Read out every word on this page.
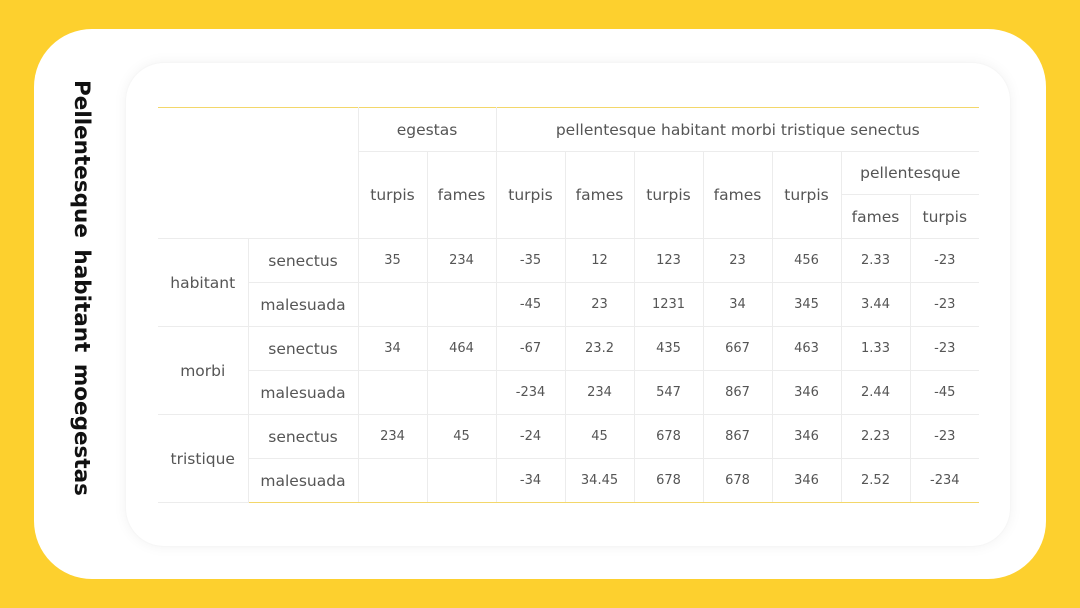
Pellentesque habitant moegestas
		egestas		pellentesque habitant morbi tristique senectus						
		turpis	fames	turpis	fames	turpis	fames	turpis	pellentesque	
									fames	turpis
habitant	senectus	35	234	-35	12	123	23	456	2.33	-23
	malesuada			-45	23	1231	34	345	3.44	-23
morbi	senectus	34	464	-67	23.2	435	667	463	1.33	-23
	malesuada			-234	234	547	867	346	2.44	-45
tristique	senectus	234	45	-24	45	678	867	346	2.23	-23
	malesuada			-34	34.45	678	678	346	2.52	-234
